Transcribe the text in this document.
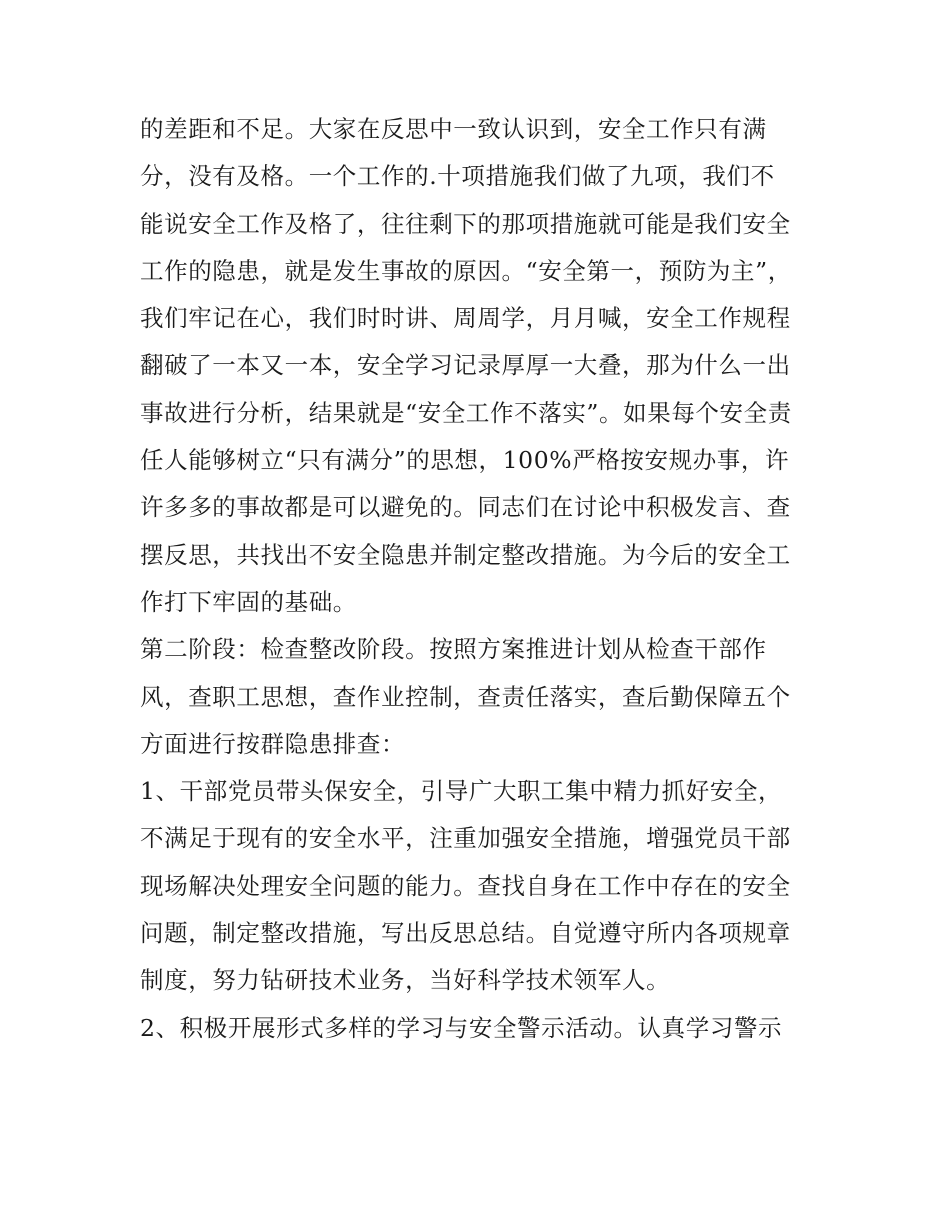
的差距和不足。大家在反思中一致认识到，安全工作只有满
分，没有及格。一个工作的.十项措施我们做了九项，我们不
能说安全工作及格了，往往剩下的那项措施就可能是我们安全
工作的隐患，就是发生事故的原因。“安全第一，预防为主”，
我们牢记在心，我们时时讲、周周学，月月喊，安全工作规程
翻破了一本又一本，安全学习记录厚厚一大叠，那为什么一出
事故进行分析，结果就是“安全工作不落实”。如果每个安全责
任人能够树立“只有满分”的思想，100%严格按安规办事，许
许多多的事故都是可以避免的。同志们在讨论中积极发言、查
摆反思，共找出不安全隐患并制定整改措施。为今后的安全工
作打下牢固的基础。
第二阶段：检查整改阶段。按照方案推进计划从检查干部作
风，查职工思想，查作业控制，查责任落实，查后勤保障五个
方面进行按群隐患排查：
1、干部党员带头保安全，引导广大职工集中精力抓好安全，
不满足于现有的安全水平，注重加强安全措施，增强党员干部
现场解决处理安全问题的能力。查找自身在工作中存在的安全
问题，制定整改措施，写出反思总结。自觉遵守所内各项规章
制度，努力钻研技术业务，当好科学技术领军人。
2、积极开展形式多样的学习与安全警示活动。认真学习警示
